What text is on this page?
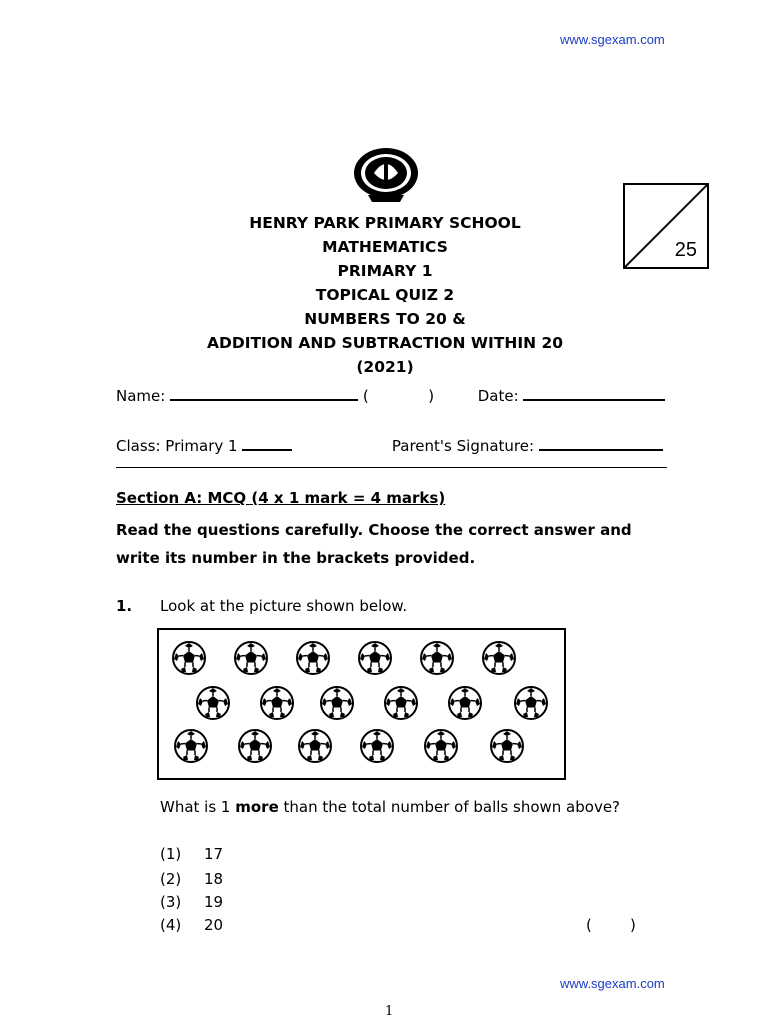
www.sgexam.com
25
HENRY PARK PRIMARY SCHOOL
MATHEMATICS
PRIMARY 1
TOPICAL QUIZ 2
NUMBERS TO 20 &
ADDITION AND SUBTRACTION WITHIN 20
(2021)
Name:	(	)	Date:
Class: Primary 1	Parent's Signature:
Section A: MCQ (4 x 1 mark = 4 marks)
Read the questions carefully. Choose the correct answer and write its number in the brackets provided.
1. Look at the picture shown below.
What is 1 more than the total number of balls shown above?
(1) 17
(2) 18
(3) 19
(4) 20	(        )
www.sgexam.com
1
